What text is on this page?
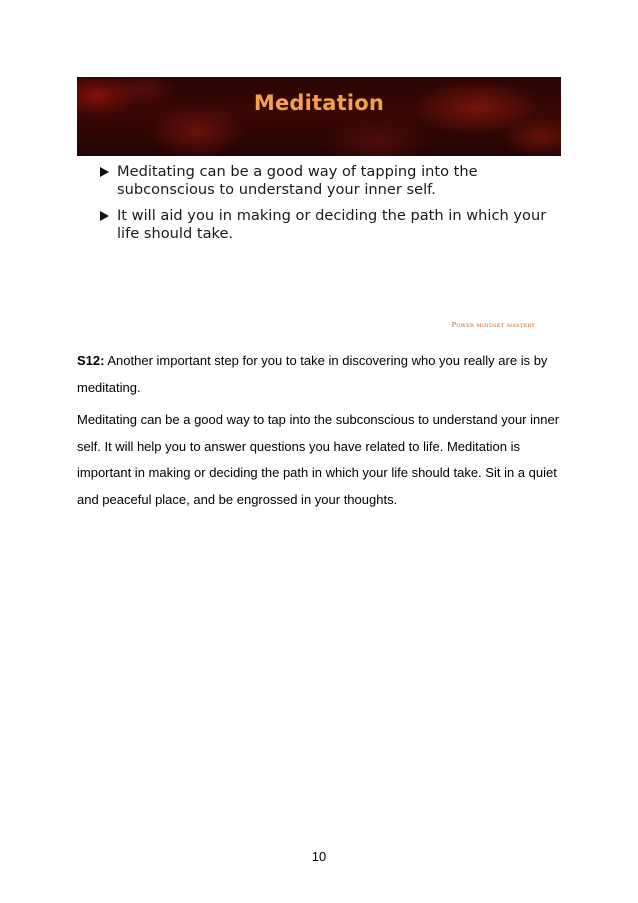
Meditation
Meditating can be a good way of tapping into the subconscious to understand your inner self.
It will aid you in making or deciding the path in which your life should take.
Power mindset mastery

S12: Another important step for you to take in discovering who you really are is by meditating.

Meditating can be a good way to tap into the subconscious to understand your inner self. It will help you to answer questions you have related to life. Meditation is important in making or deciding the path in which your life should take. Sit in a quiet and peaceful place, and be engrossed in your thoughts.

10
